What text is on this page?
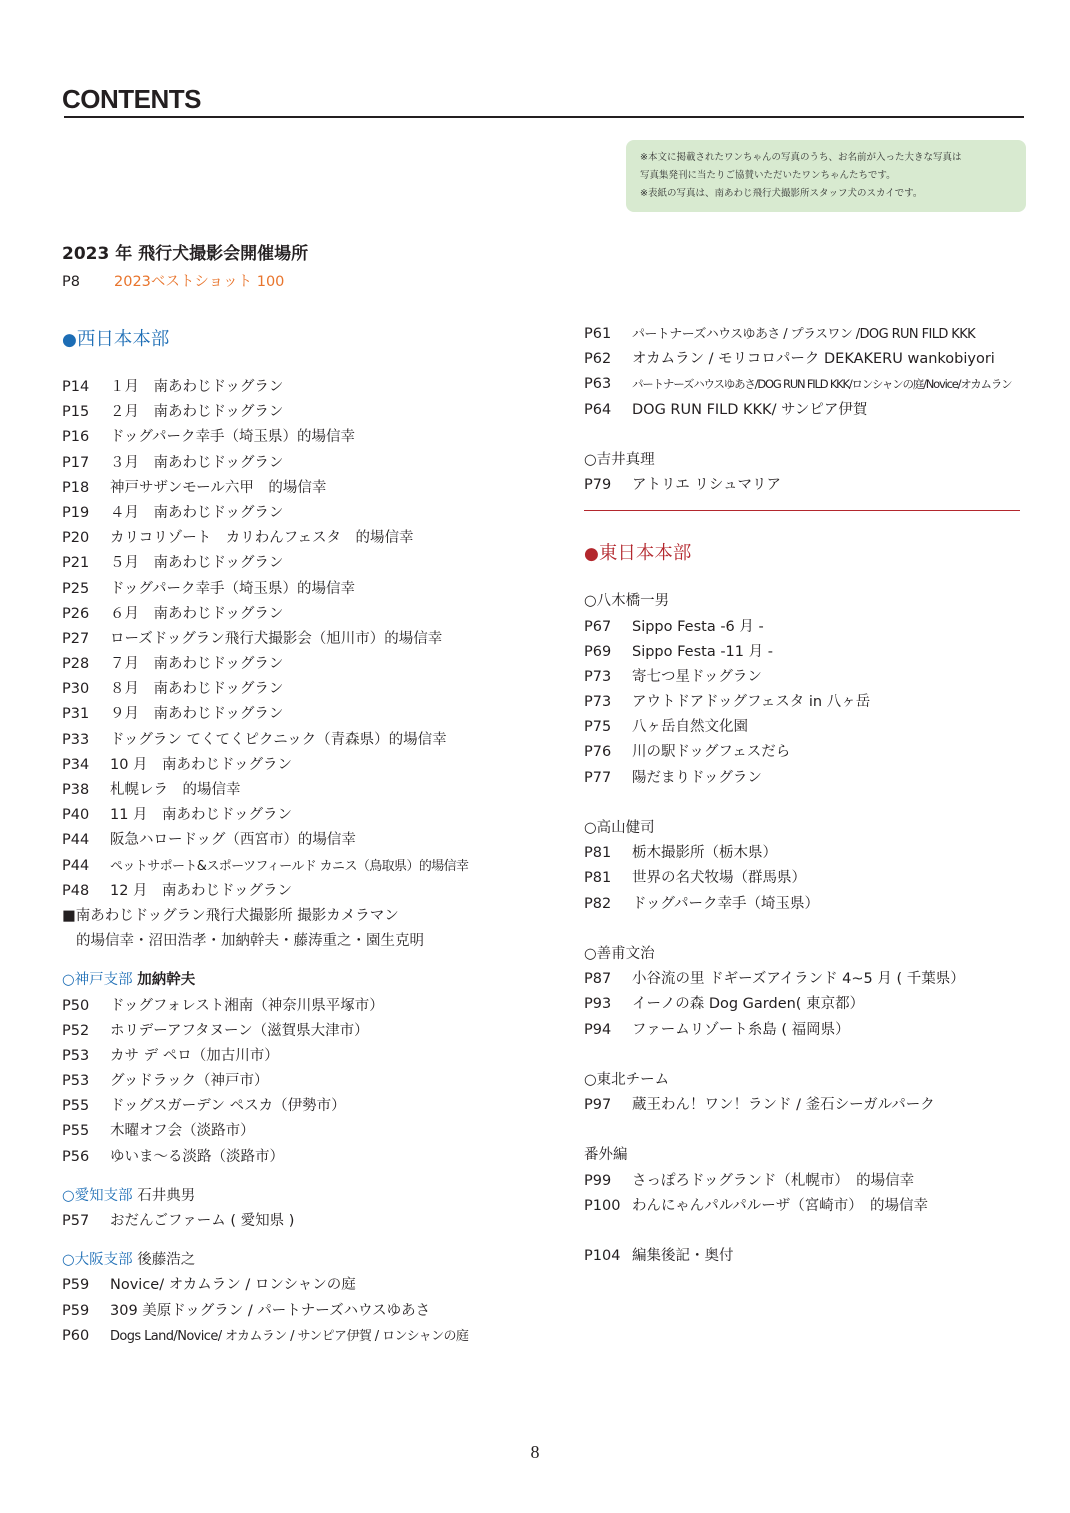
CONTENTS
※本文に掲載されたワンちゃんの写真のうち、お名前が入った大きな写真は
写真集発刊に当たりご協賛いただいたワンちゃんたちです。
※表紙の写真は、南あわじ飛行犬撮影所スタッフ犬のスカイです。
2023 年 飛行犬撮影会開催場所
P8 2023ベストショット 100
●西日本本部
P14 １月　南あわじドッグラン
P15 ２月　南あわじドッグラン
P16 ドッグパーク幸手（埼玉県）的場信幸
P17 ３月　南あわじドッグラン
P18 神戸サザンモール六甲　的場信幸
P19 ４月　南あわじドッグラン
P20 カリコリゾート　カリわんフェスタ　的場信幸
P21 ５月　南あわじドッグラン
P25 ドッグパーク幸手（埼玉県）的場信幸
P26 ６月　南あわじドッグラン
P27 ローズドッグラン飛行犬撮影会（旭川市）的場信幸
P28 ７月　南あわじドッグラン
P30 ８月　南あわじドッグラン
P31 ９月　南あわじドッグラン
P33 ドッグラン てくてくピクニック（青森県）的場信幸
P34 10 月　南あわじドッグラン
P38 札幌レラ　的場信幸
P40 11 月　南あわじドッグラン
P44 阪急ハロードッグ（西宮市）的場信幸
P44 ペットサポート&スポーツフィールド カニス（鳥取県）的場信幸
P48 12 月　南あわじドッグラン
■南あわじドッグラン飛行犬撮影所 撮影カメラマン
的場信幸・沼田浩孝・加納幹夫・藤涛重之・園生克明
○神戸支部 加納幹夫
P50 ドッグフォレスト湘南（神奈川県平塚市）
P52 ホリデーアフタヌーン（滋賀県大津市）
P53 カサ デ ペロ（加古川市）
P53 グッドラック（神戸市）
P55 ドッグスガーデン ペスカ（伊勢市）
P55 木曜オフ会（淡路市）
P56 ゆいま〜る淡路（淡路市）
○愛知支部 石井典男
P57 おだんごファーム ( 愛知県 )
○大阪支部 後藤浩之
P59 Novice/ オカムラン / ロンシャンの庭
P59 309 美原ドッグラン / パートナーズハウスゆあさ
P60 Dogs Land/Novice/ オカムラン / サンピア伊賀 / ロンシャンの庭
P61 パートナーズハウスゆあさ / プラスワン /DOG RUN FILD KKK
P62 オカムラン / モリコロパーク DEKAKERU wankobiyori
P63 パートナーズハウスゆあさ/DOG RUN FILD KKK/ロンシャンの庭/Novice/オカムラン
P64 DOG RUN FILD KKK/ サンピア伊賀
○吉井真理
P79 アトリエ リシュマリア
●東日本本部
○八木橋一男
P67 Sippo Festa -6 月 -
P69 Sippo Festa -11 月 -
P73 寄七つ星ドッグラン
P73 アウトドアドッグフェスタ in 八ヶ岳
P75 八ヶ岳自然文化園
P76 川の駅ドッグフェスだら
P77 陽だまりドッグラン
○高山健司
P81 栃木撮影所（栃木県）
P81 世界の名犬牧場（群馬県）
P82 ドッグパーク幸手（埼玉県）
○善甫文治
P87 小谷流の里 ドギーズアイランド 4~5 月 ( 千葉県）
P93 イーノの森 Dog Garden( 東京都）
P94 ファームリゾート糸島 ( 福岡県）
○東北チーム
P97 蔵王わん！ワン！ランド / 釜石シーガルパーク
番外編
P99 さっぽろドッグランド（札幌市）　的場信幸
P100 わんにゃんパルパルーザ（宮崎市）　的場信幸
P104 編集後記・奥付
8
